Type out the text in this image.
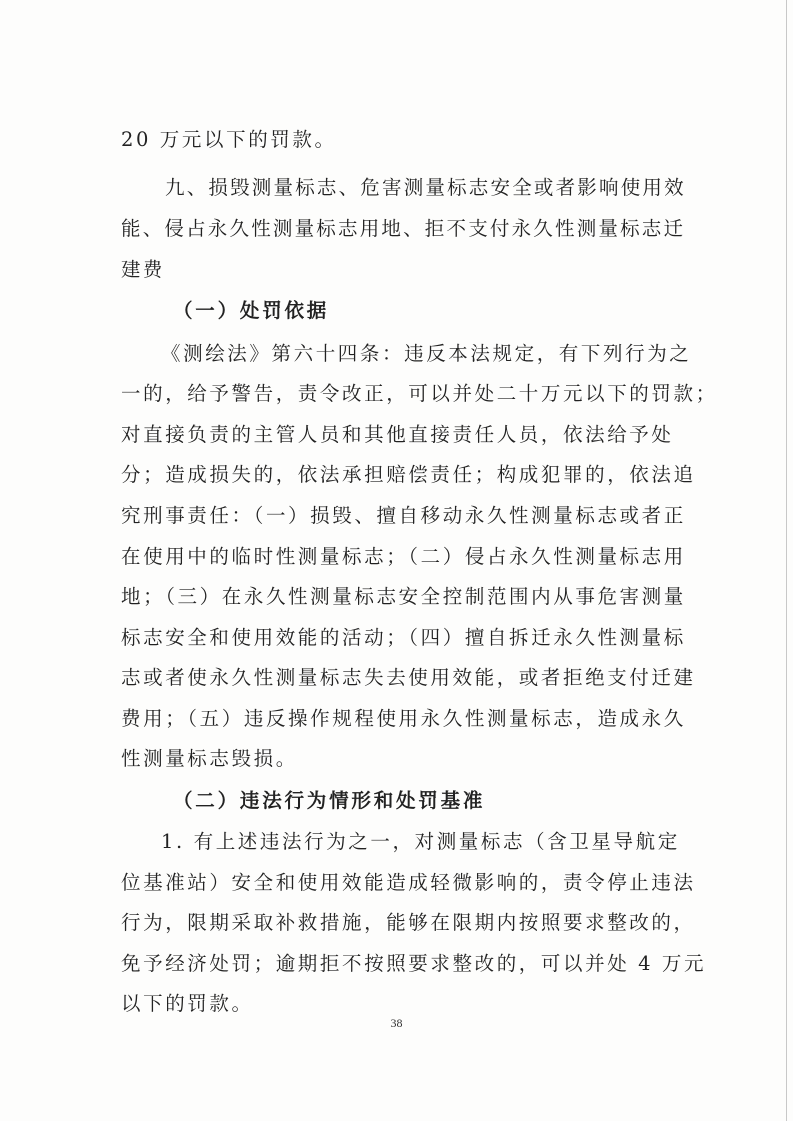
20 万元以下的罚款。
九、损毁测量标志、危害测量标志安全或者影响使用效
能、侵占永久性测量标志用地、拒不支付永久性测量标志迁
建费
（一）处罚依据
《测绘法》第六十四条：违反本法规定，有下列行为之
一的，给予警告，责令改正，可以并处二十万元以下的罚款；
对直接负责的主管人员和其他直接责任人员，依法给予处
分；造成损失的，依法承担赔偿责任；构成犯罪的，依法追
究刑事责任：（一）损毁、擅自移动永久性测量标志或者正
在使用中的临时性测量标志；（二）侵占永久性测量标志用
地；（三）在永久性测量标志安全控制范围内从事危害测量
标志安全和使用效能的活动；（四）擅自拆迁永久性测量标
志或者使永久性测量标志失去使用效能，或者拒绝支付迁建
费用；（五）违反操作规程使用永久性测量标志，造成永久
性测量标志毁损。
（二）违法行为情形和处罚基准
1. 有上述违法行为之一，对测量标志（含卫星导航定
位基准站）安全和使用效能造成轻微影响的，责令停止违法
行为，限期采取补救措施，能够在限期内按照要求整改的，
免予经济处罚；逾期拒不按照要求整改的，可以并处 4 万元
以下的罚款。
38
